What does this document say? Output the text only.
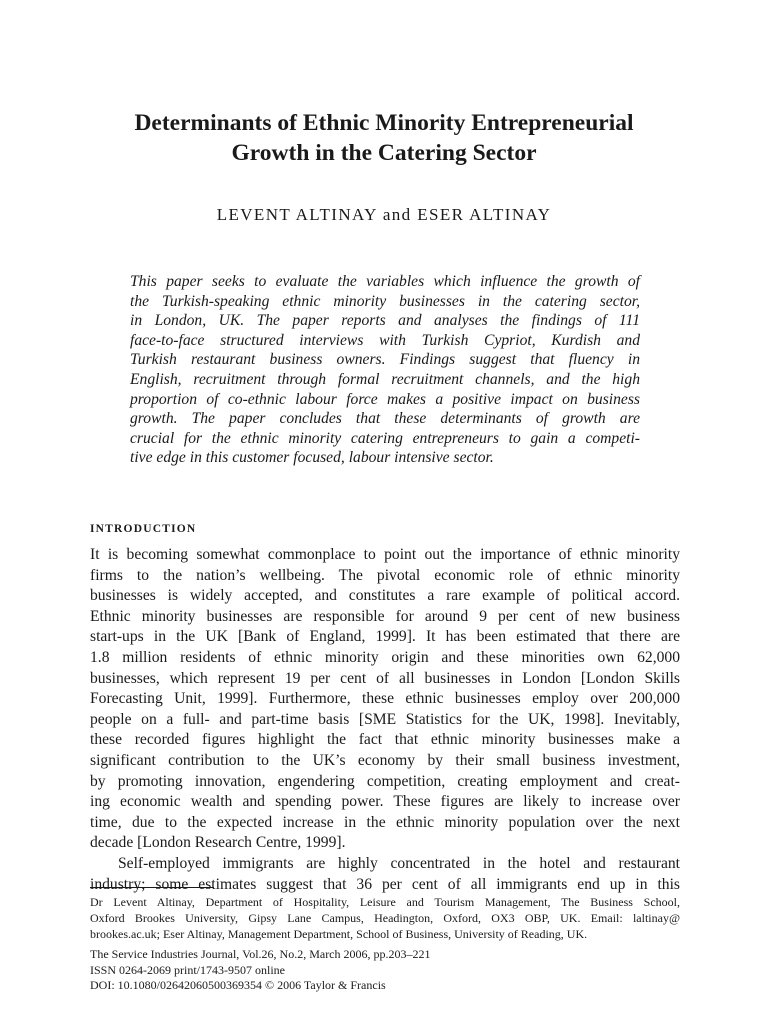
Determinants of Ethnic Minority Entrepreneurial
Growth in the Catering Sector

LEVENT ALTINAY and ESER ALTINAY

This paper seeks to evaluate the variables which influence the growth of
the Turkish-speaking ethnic minority businesses in the catering sector,
in London, UK. The paper reports and analyses the findings of 111
face-to-face structured interviews with Turkish Cypriot, Kurdish and
Turkish restaurant business owners. Findings suggest that fluency in
English, recruitment through formal recruitment channels, and the high
proportion of co-ethnic labour force makes a positive impact on business
growth. The paper concludes that these determinants of growth are
crucial for the ethnic minority catering entrepreneurs to gain a competi-
tive edge in this customer focused, labour intensive sector.
INTRODUCTION
It is becoming somewhat commonplace to point out the importance of ethnic minority
firms to the nation’s wellbeing. The pivotal economic role of ethnic minority
businesses is widely accepted, and constitutes a rare example of political accord.
Ethnic minority businesses are responsible for around 9 per cent of new business
start-ups in the UK [Bank of England, 1999]. It has been estimated that there are
1.8 million residents of ethnic minority origin and these minorities own 62,000
businesses, which represent 19 per cent of all businesses in London [London Skills
Forecasting Unit, 1999]. Furthermore, these ethnic businesses employ over 200,000
people on a full- and part-time basis [SME Statistics for the UK, 1998]. Inevitably,
these recorded figures highlight the fact that ethnic minority businesses make a
significant contribution to the UK’s economy by their small business investment,
by promoting innovation, engendering competition, creating employment and creat-
ing economic wealth and spending power. These figures are likely to increase over
time, due to the expected increase in the ethnic minority population over the next
decade [London Research Centre, 1999].
Self-employed immigrants are highly concentrated in the hotel and restaurant
industry; some estimates suggest that 36 per cent of all immigrants end up in this
Dr Levent Altinay, Department of Hospitality, Leisure and Tourism Management, The Business School,
Oxford Brookes University, Gipsy Lane Campus, Headington, Oxford, OX3 OBP, UK. Email: laltinay@
brookes.ac.uk; Eser Altinay, Management Department, School of Business, University of Reading, UK.
The Service Industries Journal, Vol.26, No.2, March 2006, pp.203–221
ISSN 0264-2069 print/1743-9507 online
DOI: 10.1080/02642060500369354 © 2006 Taylor & Francis
